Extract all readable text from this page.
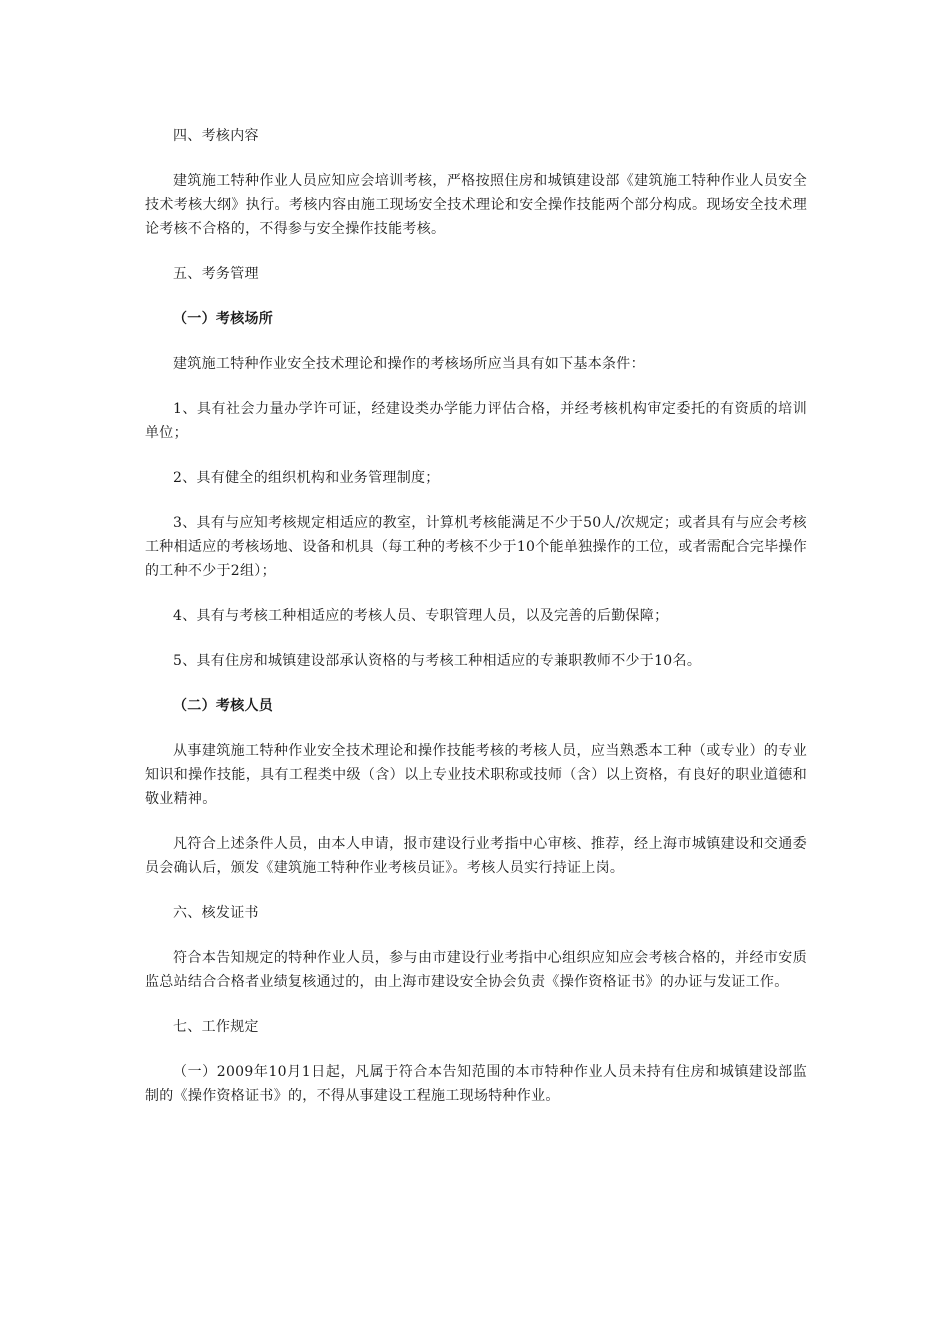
四、考核内容

建筑施工特种作业人员应知应会培训考核，严格按照住房和城镇建设部《建筑施工特种作业人员安全技术考核大纲》执行。考核内容由施工现场安全技术理论和安全操作技能两个部分构成。现场安全技术理论考核不合格的，不得参与安全操作技能考核。

五、考务管理

（一）考核场所

建筑施工特种作业安全技术理论和操作的考核场所应当具有如下基本条件：

1、具有社会力量办学许可证，经建设类办学能力评估合格，并经考核机构审定委托的有资质的培训单位；

2、具有健全的组织机构和业务管理制度；

3、具有与应知考核规定相适应的教室，计算机考核能满足不少于50人/次规定；或者具有与应会考核工种相适应的考核场地、设备和机具（每工种的考核不少于10个能单独操作的工位，或者需配合完毕操作的工种不少于2组）；

4、具有与考核工种相适应的考核人员、专职管理人员，以及完善的后勤保障；

5、具有住房和城镇建设部承认资格的与考核工种相适应的专兼职教师不少于10名。

（二）考核人员

从事建筑施工特种作业安全技术理论和操作技能考核的考核人员，应当熟悉本工种（或专业）的专业知识和操作技能，具有工程类中级（含）以上专业技术职称或技师（含）以上资格，有良好的职业道德和敬业精神。

凡符合上述条件人员，由本人申请，报市建设行业考指中心审核、推荐，经上海市城镇建设和交通委员会确认后，颁发《建筑施工特种作业考核员证》。考核人员实行持证上岗。

六、核发证书

符合本告知规定的特种作业人员，参与由市建设行业考指中心组织应知应会考核合格的，并经市安质监总站结合合格者业绩复核通过的，由上海市建设安全协会负责《操作资格证书》的办证与发证工作。

七、工作规定

（一）2009年10月1日起，凡属于符合本告知范围的本市特种作业人员未持有住房和城镇建设部监制的《操作资格证书》的，不得从事建设工程施工现场特种作业。
